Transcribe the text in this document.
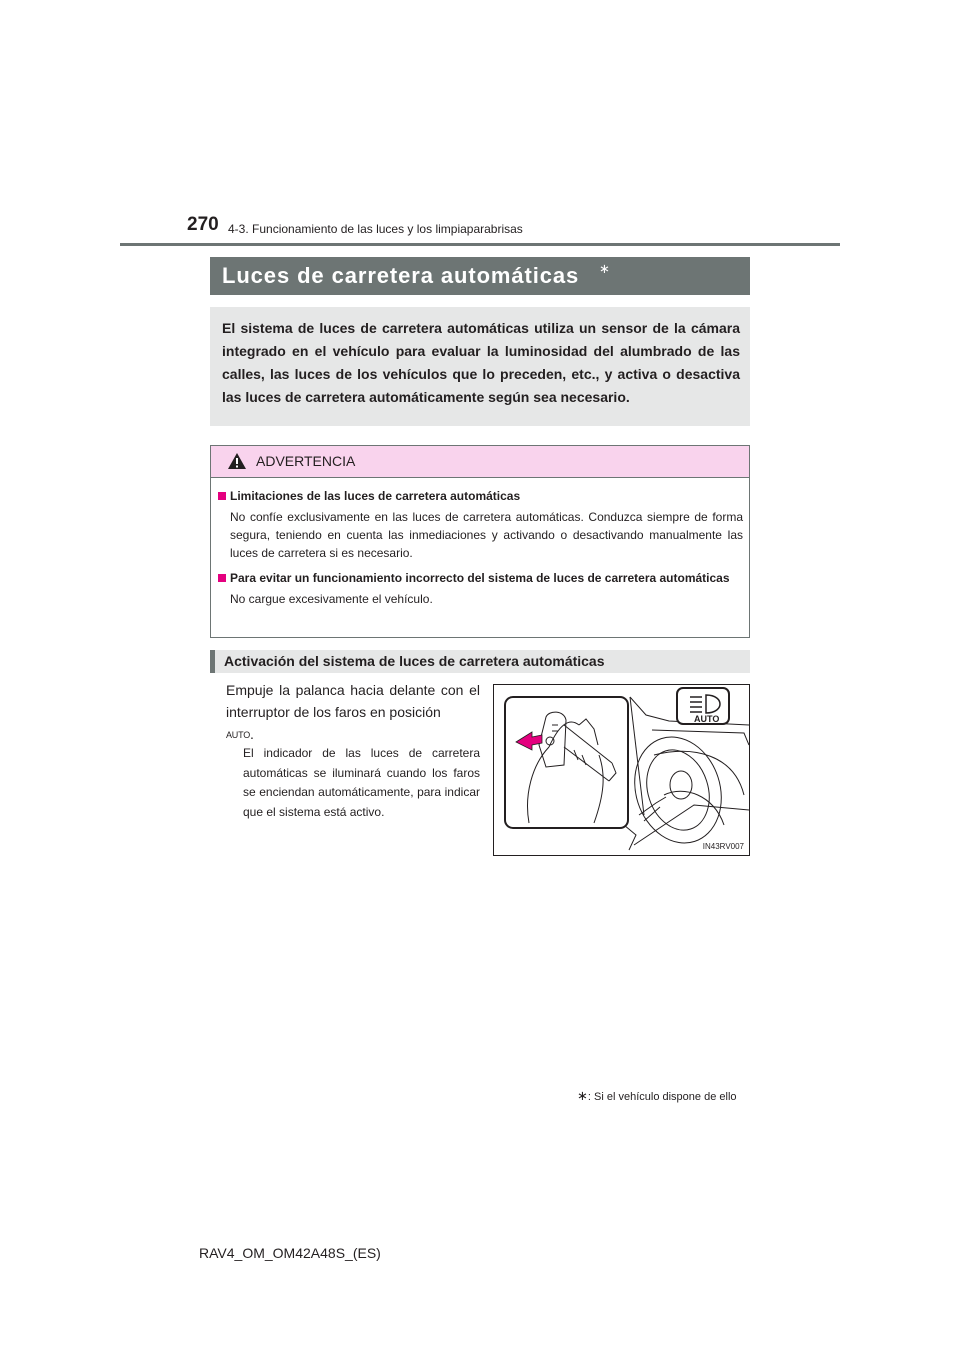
270 4-3. Funcionamiento de las luces y los limpiaparabrisas
Luces de carretera automáticas ∗

El sistema de luces de carretera automáticas utiliza un sensor de la cámara integrado en el vehículo para evaluar la luminosidad del alumbrado de las calles, las luces de los vehículos que lo preceden, etc., y activa o desactiva las luces de carretera automáticamente según sea necesario.

ADVERTENCIA
Limitaciones de las luces de carretera automáticas
No confíe exclusivamente en las luces de carretera automáticas. Conduzca siempre de forma segura, teniendo en cuenta las inmediaciones y activando o desactivando manualmente las luces de carretera si es necesario.
Para evitar un funcionamiento incorrecto del sistema de luces de carretera automáticas
No cargue excesivamente el vehículo.
Activación del sistema de luces de carretera automáticas
Empuje la palanca hacia delante con el interruptor de los faros en posición
AUTO.
El indicador de las luces de carretera automáticas se iluminará cuando los faros se enciendan automáticamente, para indicar que el sistema está activo.
AUTO
IN43RV007
∗: Si el vehículo dispone de ello
RAV4_OM_OM42A48S_(ES)
